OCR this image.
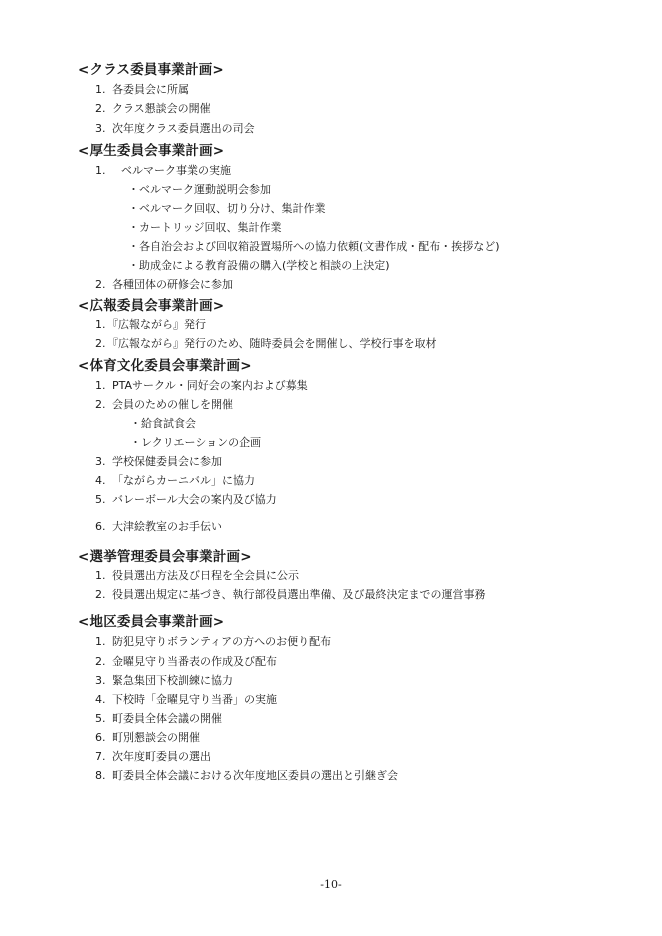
<クラス委員事業計画>
1. 各委員会に所属
2. クラス懇談会の開催
3. 次年度クラス委員選出の司会
<厚生委員会事業計画>
1. ベルマーク事業の実施
・ベルマーク運動説明会参加
・ベルマーク回収、切り分け、集計作業
・カートリッジ回収、集計作業
・各自治会および回収箱設置場所への協力依頼(文書作成・配布・挨拶など)
・助成金による教育設備の購入(学校と相談の上決定)
2. 各種団体の研修会に参加
<広報委員会事業計画>
1. 『広報ながら』発行
2. 『広報ながら』発行のため、随時委員会を開催し、学校行事を取材
<体育文化委員会事業計画>
1. PTAサークル・同好会の案内および募集
2. 会員のための催しを開催
・給食試食会
・レクリエーションの企画
3. 学校保健委員会に参加
4. 「ながらカーニバル」に協力
5. バレーボール大会の案内及び協力
6. 大津絵教室のお手伝い
<選挙管理委員会事業計画>
1. 役員選出方法及び日程を全会員に公示
2. 役員選出規定に基づき、執行部役員選出準備、及び最終決定までの運営事務
<地区委員会事業計画>
1. 防犯見守りボランティアの方へのお便り配布
2. 金曜見守り当番表の作成及び配布
3. 緊急集団下校訓練に協力
4. 下校時「金曜見守り当番」の実施
5. 町委員全体会議の開催
6. 町別懇談会の開催
7. 次年度町委員の選出
8. 町委員全体会議における次年度地区委員の選出と引継ぎ会
-10-
